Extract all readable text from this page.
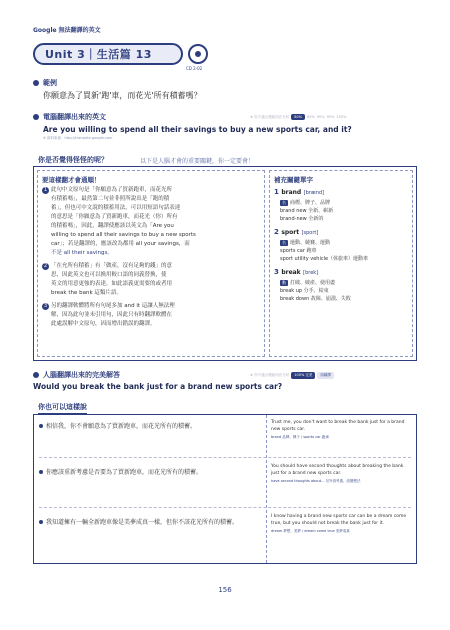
Google 無法翻譯的英文
Unit 3｜生活篇 13
CD 2-02
範例
你願意為了買新'跑'車，而花光'所有積蓄嗎？
電腦翻譯出來的英文	★ 你不適合模組用法分析	80%	85% 90% 95% 100%
Are you willing to spend all their savings to buy a new sports car, and it?
※ 資料來源：http://translate.google.com
你是否覺得怪怪的呢？	以下是人腦才會的重要關鍵，你一定要會！
要這樣翻才會通順！

1 此句中文原句是「你願意為了買新跑車，而花光所

有積蓄嗎」，最然第二句並非照所說出是「跑的積

蓄」，但也可中文說的積蓄用法，可以用短語句話表達

的意思是「你願意為了買新跑車，而花光（你）所有

的積蓄嗎」，因此，翻譯使應該以英文為「Are you

willing to spend all their savings to buy a new sports

car」；若是翻譯的，應該改為都用 all your savings，而

不是 all their savings。

2 「在允所有積蓄」有「做產，沒有足夠的錢」的意

思，因此英文也可以換用較口語的同義替換，使

英文的用意更強的表達。如此語義更需要的或者用

break the bank 這類片語。

3 另的翻譯軟體將所有句尾多加 and it 這讓人無法理

解，因為此句並未引用句，因此只有時翻譯軟體在

此處誤解中文原句，因而增出錯誤的翻譯。

補充關鍵單字
1 brand [brænd]
名 商標、牌子、品牌
brand new 全新、嶄新
brand-new 全新的
2 sport [sport]
名 運動、競賽、運動
sports car 跑車
sport utility vehicle（休旅車）運動車
3 break [brek]
動 打破、破產、使用盡
break up 分手、結束
break down 故障、崩潰、失敗
人腦翻譯出來的完美解答	★ 你不適合模組用法分析	100% 完美	原翻譯
Would you break the bank just for a brand new sports car?
你也可以這樣說
相信我，你不會願意為了買新跑車，而花光所有的積蓄。

Trust me, you don't want to break the bank just for a brand new sports car.

brand 品牌、牌子 / sports car 跑車

你應該重新考慮是否要為了買新跑車，而花光所有的積蓄。

You should have second thoughts about breaking the bank just for a brand new sports car.

have second thoughts about... 另外再考慮、改變想法

我知道擁有一輛全新跑車像是美夢成真一樣，但你不該花光所有的積蓄。

I know having a brand new sports car can be a dream come true, but you should not break the bank just for it.

dream 夢想、美夢 / dream come true 美夢成真

156
